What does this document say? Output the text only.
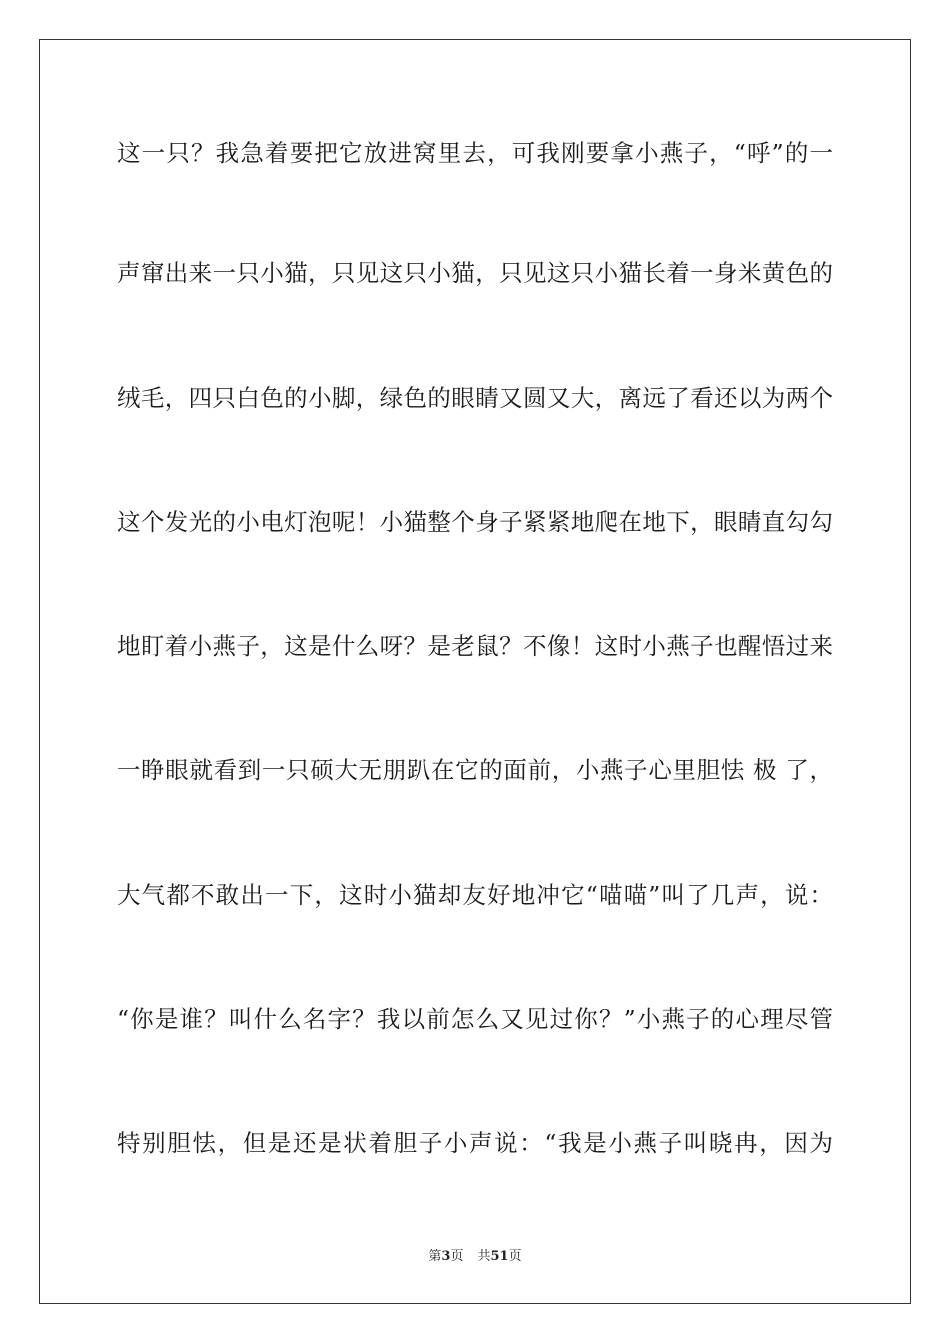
这一只？我急着要把它放进窝里去，可我刚要拿小燕子，“呼”的一
声窜出来一只小猫，只见这只小猫，只见这只小猫长着一身米黄色的
绒毛，四只白色的小脚，绿色的眼睛又圆又大，离远了看还以为两个
这个发光的小电灯泡呢！小猫整个身子紧紧地爬在地下，眼睛直勾勾
地盯着小燕子，这是什么呀？是老鼠？不像！这时小燕子也醒悟过来
一睁眼就看到一只硕大无朋趴在它的面前，小燕子心里胆怯 极 了，
大气都不敢出一下，这时小猫却友好地冲它“喵喵”叫了几声，说：
“你是谁？叫什么名字？我以前怎么又见过你？”小燕子的心理尽管
特别胆怯，但是还是状着胆子小声说：“我是小燕子叫晓冉，因为
第3页 共51页
